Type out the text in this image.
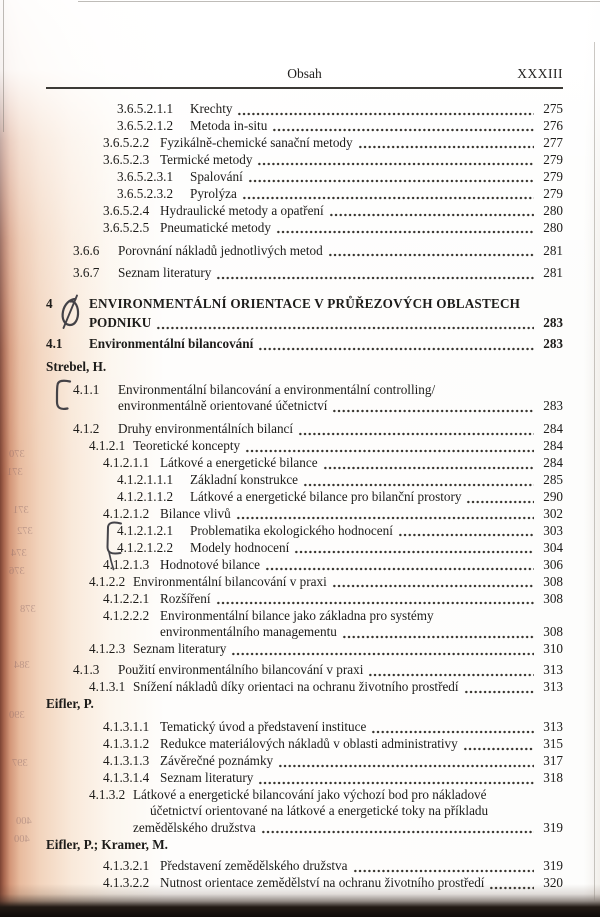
370
371
371
372
374
376
378
384
390
397
400
400
Obsah	XXXIII
3.6.5.2.1.1	Krechty	275
3.6.5.2.1.2	Metoda in-situ	276
3.6.5.2.2 Fyzikálně-chemické sanační metody	277
3.6.5.2.3 Termické metody	279
3.6.5.2.3.1	Spalování	279
3.6.5.2.3.2	Pyrolýza	279
3.6.5.2.4 Hydraulické metody a opatření	280
3.6.5.2.5 Pneumatické metody	280
3.6.6	Porovnání nákladů jednotlivých metod	281
3.6.7	Seznam literatury	281
4	ENVIRONMENTÁLNÍ ORIENTACE V PRŮŘEZOVÝCH OBLASTECH
PODNIKU	283
4.1	Environmentální bilancování	283
Strebel, H.
4.1.1	Environmentální bilancování a environmentální controlling/
environmentálně orientované účetnictví	283
4.1.2	Druhy environmentálních bilancí	284
4.1.2.1 Teoretické koncepty	284
4.1.2.1.1 Látkové a energetické bilance	284
4.1.2.1.1.1	Základní konstrukce	285
4.1.2.1.1.2	Látkové a energetické bilance pro bilanční prostory	290
4.1.2.1.2 Bilance vlivů	302
4.1.2.1.2.1	Problematika ekologického hodnocení	303
4.1.2.1.2.2	Modely hodnocení	304
4.1.2.1.3 Hodnotové bilance	306
4.1.2.2 Environmentální bilancování v praxi	308
4.1.2.2.1 Rozšíření	308
4.1.2.2.2 Environmentální bilance jako základna pro systémy
environmentálního managementu	308
4.1.2.3 Seznam literatury	310
4.1.3	Použití environmentálního bilancování v praxi	313
4.1.3.1 Snížení nákladů díky orientaci na ochranu životního prostředí	313
Eifler, P.
4.1.3.1.1 Tematický úvod a představení instituce	313
4.1.3.1.2 Redukce materiálových nákladů v oblasti administrativy	315
4.1.3.1.3 Závěrečné poznámky	317
4.1.3.1.4 Seznam literatury	318
4.1.3.2 Látkové a energetické bilancování jako výchozí bod pro nákladové
účetnictví orientované na látkové a energetické toky na příkladu
zemědělského družstva	319
Eifler, P.; Kramer, M.
4.1.3.2.1 Představení zemědělského družstva	319
4.1.3.2.2 Nutnost orientace zemědělství na ochranu životního prostředí	320
